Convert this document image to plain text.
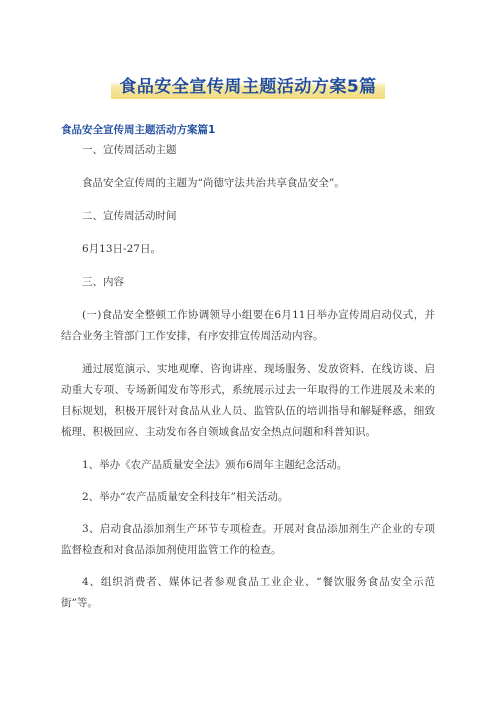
食品安全宣传周主题活动方案5篇
食品安全宣传周主题活动方案篇1

一、宣传周活动主题

食品安全宣传周的主题为“尚德守法共治共享食品安全”。

二、宣传周活动时间

6月13日-27日。

三、内容

(一)食品安全整顿工作协调领导小组要在6月11日举办宣传周启动仪式，并结合业务主管部门工作安排，有序安排宣传周活动内容。

通过展览演示、实地观摩、咨询讲座、现场服务、发放资料、在线访谈、启动重大专项、专场新闻发布等形式，系统展示过去一年取得的工作进展及未来的目标规划，积极开展针对食品从业人员、监管队伍的培训指导和解疑释惑，细致梳理、积极回应、主动发布各自领域食品安全热点问题和科普知识。

1、举办《农产品质量安全法》颁布6周年主题纪念活动。

2、举办“农产品质量安全科技年”相关活动。

3、启动食品添加剂生产环节专项检查。开展对食品添加剂生产企业的专项监督检查和对食品添加剂使用监管工作的检查。

4、组织消费者、媒体记者参观食品工业企业、“餐饮服务食品安全示范街”等。
